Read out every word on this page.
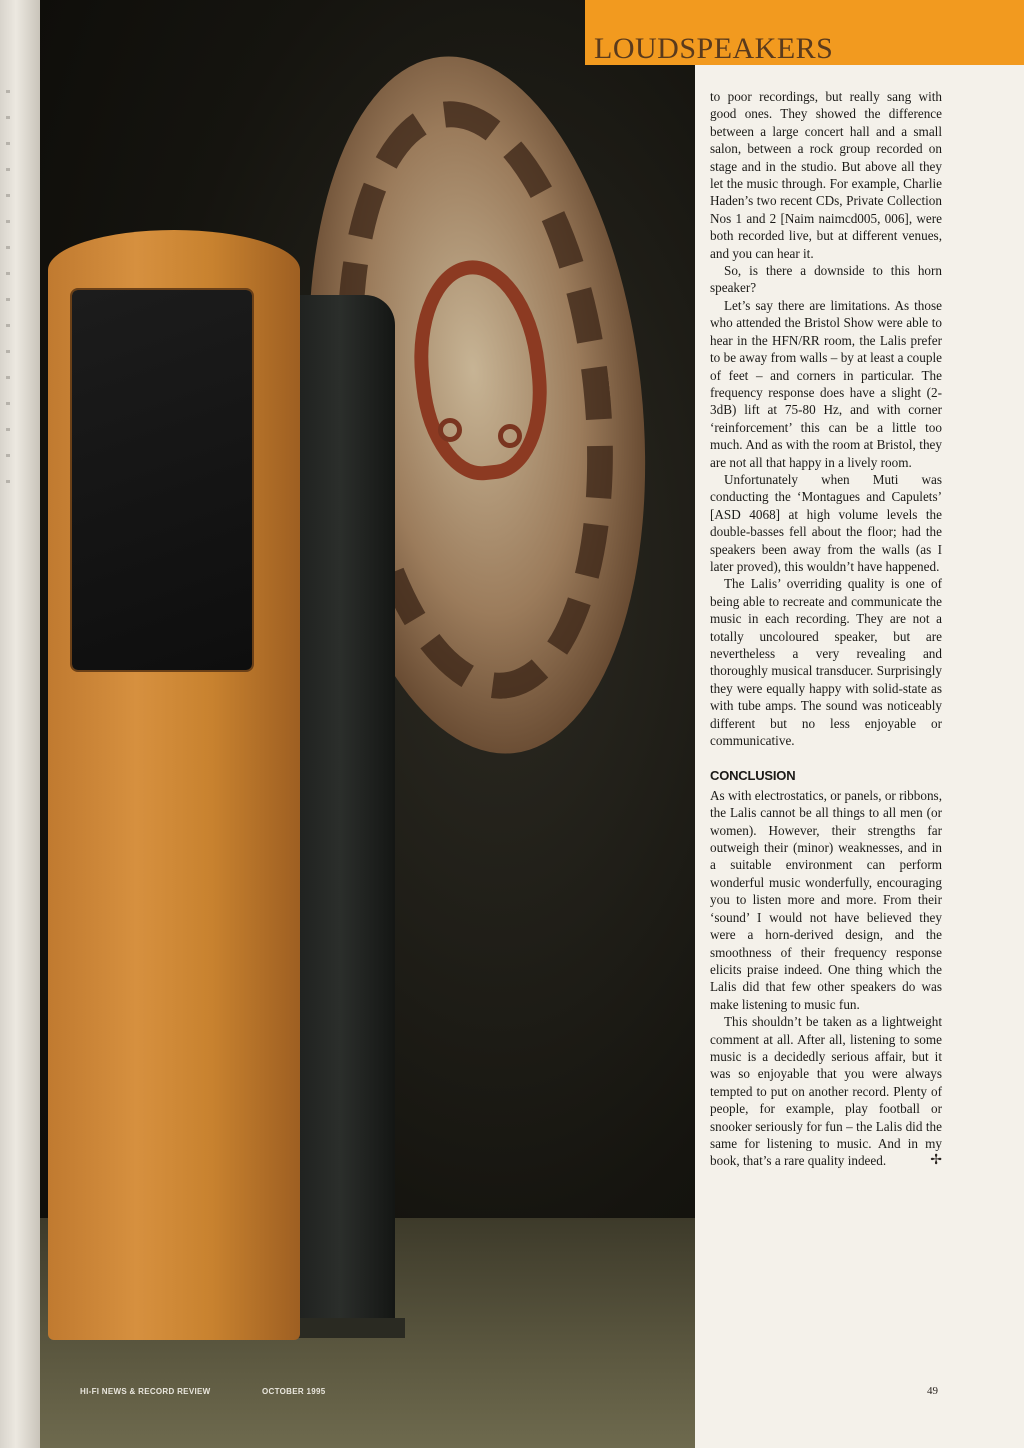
HI-FI NEWS & RECORD REVIEW	OCTOBER 1995
LOUDSPEAKERS

to poor recordings, but really sang with good ones. They showed the difference between a large concert hall and a small salon, between a rock group recorded on stage and in the studio. But above all they let the music through. For example, Charlie Haden’s two recent CDs, Private Collection Nos 1 and 2 [Naim naimcd005, 006], were both recorded live, but at different venues, and you can hear it.

So, is there a downside to this horn speaker?

Let’s say there are limitations. As those who attended the Bristol Show were able to hear in the HFN/RR room, the Lalis prefer to be away from walls – by at least a couple of feet – and corners in particular. The frequency response does have a slight (2-3dB) lift at 75-80 Hz, and with corner ‘reinforcement’ this can be a little too much. And as with the room at Bristol, they are not all that happy in a lively room.

Unfortunately when Muti was conducting the ‘Montagues and Capulets’ [ASD 4068] at high volume levels the double-basses fell about the floor; had the speakers been away from the walls (as I later proved), this wouldn’t have happened.

The Lalis’ overriding quality is one of being able to recreate and communicate the music in each recording. They are not a totally uncoloured speaker, but are nevertheless a very revealing and thoroughly musical transducer. Surprisingly they were equally happy with solid-state as with tube amps. The sound was noticeably different but no less enjoyable or communicative.

CONCLUSION

As with electrostatics, or panels, or ribbons, the Lalis cannot be all things to all men (or women). However, their strengths far outweigh their (minor) weaknesses, and in a suitable environment can perform wonderful music wonderfully, encouraging you to listen more and more. From their ‘sound’ I would not have believed they were a horn-derived design, and the smoothness of their frequency response elicits praise indeed. One thing which the Lalis did that few other speakers do was make listening to music fun.

This shouldn’t be taken as a lightweight comment at all. After all, listening to some music is a decidedly serious affair, but it was so enjoyable that you were always tempted to put on another record. Plenty of people, for example, play football or snooker seriously for fun – the Lalis did the same for listening to music. And in my book, that’s a rare quality indeed.	✢

49
